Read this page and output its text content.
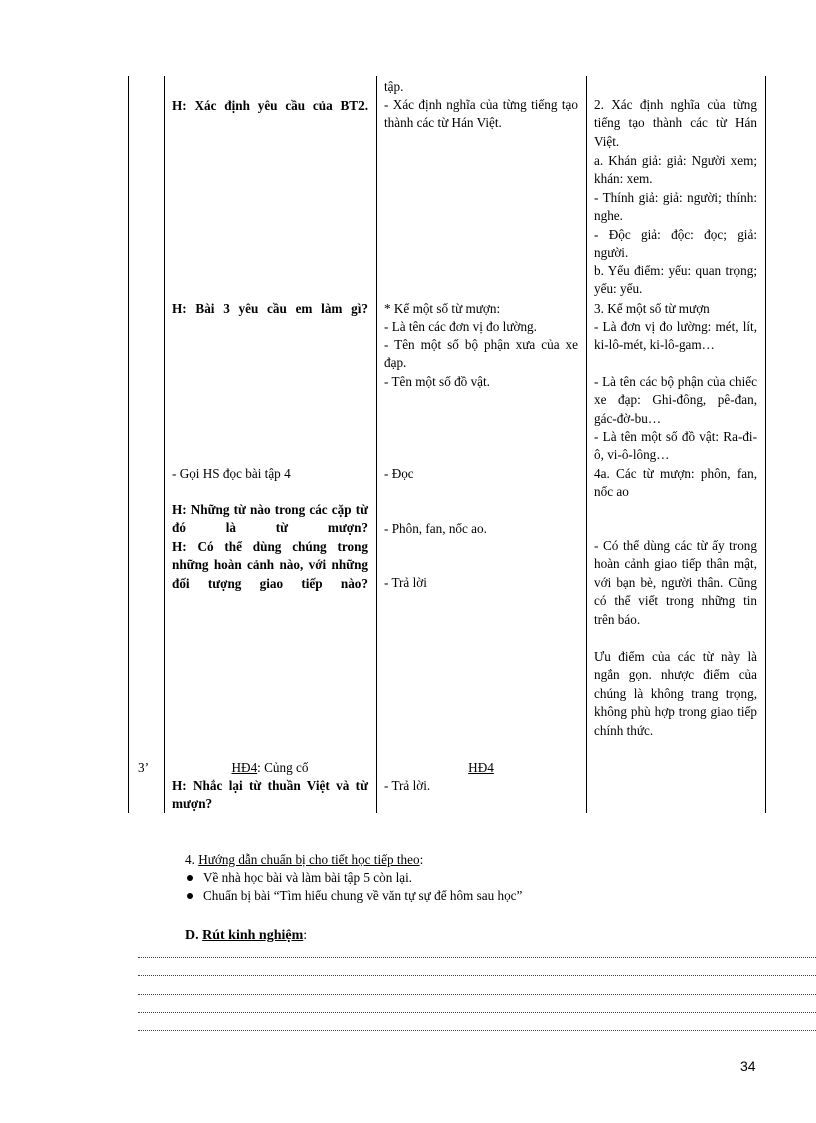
3’

H: Xác định yêu cầu của BT2.

H: Bài 3 yêu cầu em làm gì?

- Gọi HS đọc bài tập 4

H: Những từ nào trong các cặp từ đó là từ mượn?

H: Có thể dùng chúng trong những hoàn cảnh nào, với những đối tượng giao tiếp nào?

HĐ4: Củng cố

H: Nhắc lại từ thuần Việt và từ mượn?

tập.

- Xác định nghĩa của từng tiếng tạo thành các từ Hán Việt.

* Kể một số từ mượn:

- Là tên các đơn vị đo lường.

- Tên một số bộ phận xưa của xe đạp.

- Tên một số đồ vật.

- Đọc

- Phôn, fan, nốc ao.

- Trả lời

HĐ4

- Trả lời.

2. Xác định nghĩa của từng tiếng tạo thành các từ Hán Việt.

a. Khán giả: giả: Người xem; khán: xem.

- Thính giả: giả: người; thính: nghe.

- Độc giả: độc: đọc; giả: người.

b. Yếu điểm: yếu: quan trọng; yếu: yếu.

3. Kể một số từ mượn

- Là đơn vị đo lường: mét, lít, ki-lô-mét, ki-lô-gam…

- Là tên các bộ phận của chiếc xe đạp: Ghi-đông, pê-đan, gác-đờ-bu…

- Là tên một số đồ vật: Ra-đi-ô, vi-ô-lông…

4a. Các từ mượn: phôn, fan, nốc ao

- Có thể dùng các từ ấy trong hoàn cảnh giao tiếp thân mật, với bạn bè, người thân. Cũng có thể viết trong những tin trên báo.

Ưu điểm của các từ này là ngắn gọn. nhược điểm của chúng là không trang trọng, không phù hợp trong giao tiếp chính thức.

4. Hướng dẫn chuẩn bị cho tiết học tiếp theo:

Về nhà học bài và làm bài tập 5 còn lại.

Chuẩn bị bài “Tìm hiểu chung về văn tự sự để hôm sau học”

D. Rút kinh nghiệm:
34
